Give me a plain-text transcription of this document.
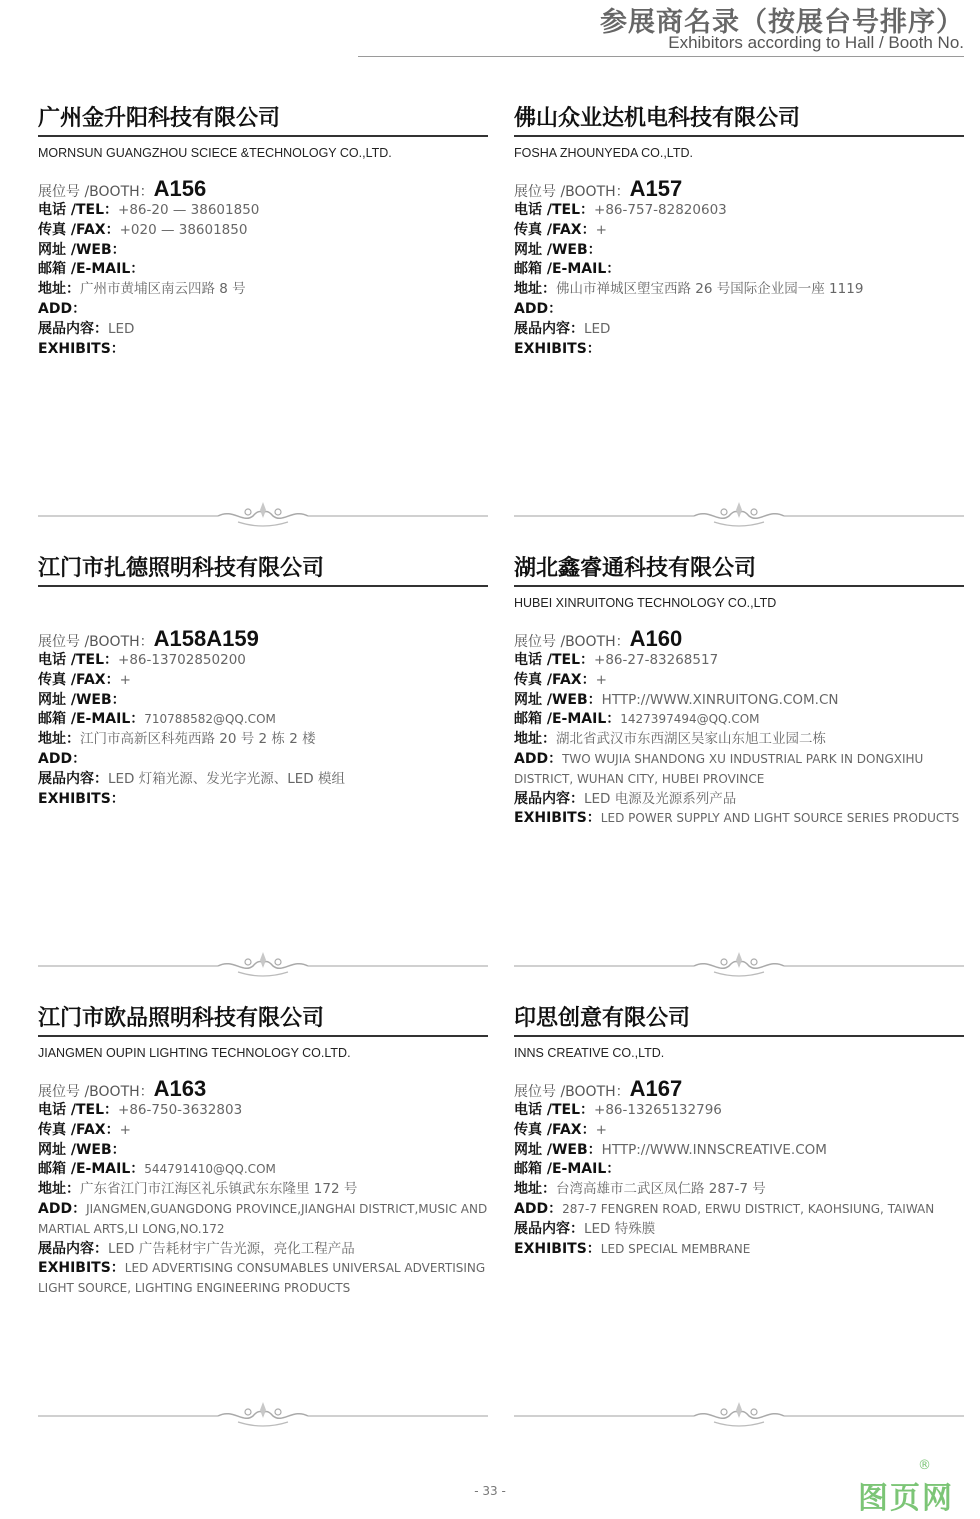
参展商名录（按展台号排序）
Exhibitors according to Hall / Booth No.
广州金升阳科技有限公司
MORNSUN GUANGZHOU SCIECE &TECHNOLOGY CO.,LTD.
展位号 /BOOTH：A156
电话 /TEL：+86-20 — 38601850
传真 /FAX：+020 — 38601850
网址 /WEB：
邮箱 /E-MAIL：
地址：广州市黄埔区南云四路 8 号
ADD：
展品内容：LED
EXHIBITS：
佛山众业达机电科技有限公司
FOSHA ZHOUNYEDA CO.,LTD.
展位号 /BOOTH：A157
电话 /TEL：+86-757-82820603
传真 /FAX：+
网址 /WEB：
邮箱 /E-MAIL：
地址：佛山市禅城区塱宝西路 26 号国际企业园一座 1119
ADD：
展品内容：LED
EXHIBITS：
江门市扎德照明科技有限公司
展位号 /BOOTH：A158A159
电话 /TEL：+86-13702850200
传真 /FAX：+
网址 /WEB：
邮箱 /E-MAIL：710788582@QQ.COM
地址：江门市高新区科苑西路 20 号 2 栋 2 楼
ADD：
展品内容：LED 灯箱光源、发光字光源、LED 模组
EXHIBITS：
湖北鑫睿通科技有限公司
HUBEI XINRUITONG TECHNOLOGY CO.,LTD
展位号 /BOOTH：A160
电话 /TEL：+86-27-83268517
传真 /FAX：+
网址 /WEB：HTTP://WWW.XINRUITONG.COM.CN
邮箱 /E-MAIL：1427397494@QQ.COM
地址：湖北省武汉市东西湖区吴家山东旭工业园二栋
ADD：TWO WUJIA SHANDONG XU INDUSTRIAL PARK IN DONGXIHU DISTRICT, WUHAN CITY, HUBEI PROVINCE
展品内容：LED 电源及光源系列产品
EXHIBITS：LED POWER SUPPLY AND LIGHT SOURCE SERIES PRODUCTS
江门市欧品照明科技有限公司
JIANGMEN OUPIN LIGHTING TECHNOLOGY CO.LTD.
展位号 /BOOTH：A163
电话 /TEL：+86-750-3632803
传真 /FAX：+
网址 /WEB：
邮箱 /E-MAIL：544791410@QQ.COM
地址：广东省江门市江海区礼乐镇武东东隆里 172 号
ADD：JIANGMEN,GUANGDONG PROVINCE,JIANGHAI DISTRICT,MUSIC AND MARTIAL ARTS,LI LONG,NO.172
展品内容：LED 广告耗材宇广告光源，亮化工程产品
EXHIBITS：LED ADVERTISING CONSUMABLES UNIVERSAL ADVERTISING LIGHT SOURCE, LIGHTING ENGINEERING PRODUCTS
印思创意有限公司
INNS CREATIVE CO.,LTD.
展位号 /BOOTH：A167
电话 /TEL：+86-13265132796
传真 /FAX：+
网址 /WEB：HTTP://WWW.INNSCREATIVE.COM
邮箱 /E-MAIL：
地址：台湾高雄市二武区凤仁路 287-7 号
ADD：287-7 FENGREN ROAD, ERWU DISTRICT, KAOHSIUNG, TAIWAN
展品内容：LED 特殊膜
EXHIBITS：LED SPECIAL MEMBRANE
- 33 -	图页网
®
